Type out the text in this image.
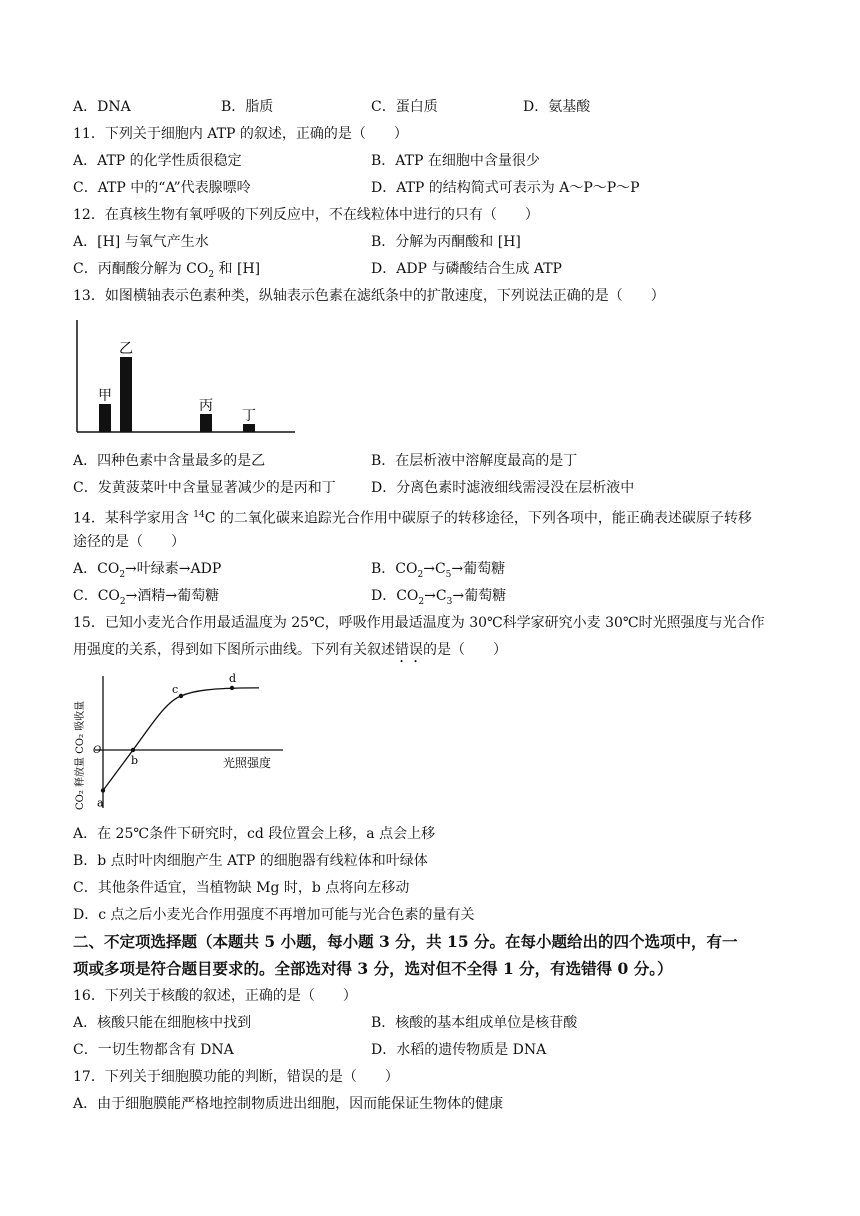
A．DNA	B．脂质	C．蛋白质	D．氨基酸
11．下列关于细胞内 ATP 的叙述，正确的是（　　）
A．ATP 的化学性质很稳定	B．ATP 在细胞中含量很少
C．ATP 中的“A”代表腺嘌呤	D．ATP 的结构简式可表示为 A～P～P～P
12．在真核生物有氧呼吸的下列反应中，不在线粒体中进行的只有（　　）
A．[H] 与氧气产生水	B．分解为丙酮酸和 [H]
C．丙酮酸分解为 $CO_2$ 和 [H]	D．ADP 与磷酸结合生成 ATP
13．如图横轴表示色素种类，纵轴表示色素在滤纸条中的扩散速度，下列说法正确的是（　　）
甲
乙
丙
丁
A．四种色素中含量最多的是乙	B．在层析液中溶解度最高的是丁
C．发黄菠菜叶中含量显著减少的是丙和丁	D．分离色素时滤液细线需浸没在层析液中
14．某科学家用含 $^{14}$C 的二氧化碳来追踪光合作用中碳原子的转移途径，下列各项中，能正确表述碳原子转移
途径的是（　　）
A．$CO_2\to$叶绿素→ADP	B．$CO_2\to C_5\to$葡萄糖
C．$CO_2\to$酒精→葡萄糖	D．$CO_2\to C_3\to$葡萄糖
15．已知小麦光合作用最适温度为 25℃，呼吸作用最适温度为 30℃科学家研究小麦 30℃时光照强度与光合作
用强度的关系，得到如下图所示曲线。下列有关叙述错误的是（　　）
CO₂ 释放量 CO₂ 吸收量	光照强度
O
a
b
c
d
A．在 25℃条件下研究时，cd 段位置会上移，a 点会上移
B．b 点时叶肉细胞产生 ATP 的细胞器有线粒体和叶绿体
C．其他条件适宜，当植物缺 Mg 时，b 点将向左移动
D．c 点之后小麦光合作用强度不再增加可能与光合色素的量有关
二、不定项选择题（本题共 5 小题，每小题 3 分，共 15 分。在每小题给出的四个选项中，有一
项或多项是符合题目要求的。全部选对得 3 分，选对但不全得 1 分，有选错得 0 分。）
16．下列关于核酸的叙述，正确的是（　　）
A．核酸只能在细胞核中找到	B．核酸的基本组成单位是核苷酸
C．一切生物都含有 DNA	D．水稻的遗传物质是 DNA
17．下列关于细胞膜功能的判断，错误的是（　　）
A．由于细胞膜能严格地控制物质进出细胞，因而能保证生物体的健康
